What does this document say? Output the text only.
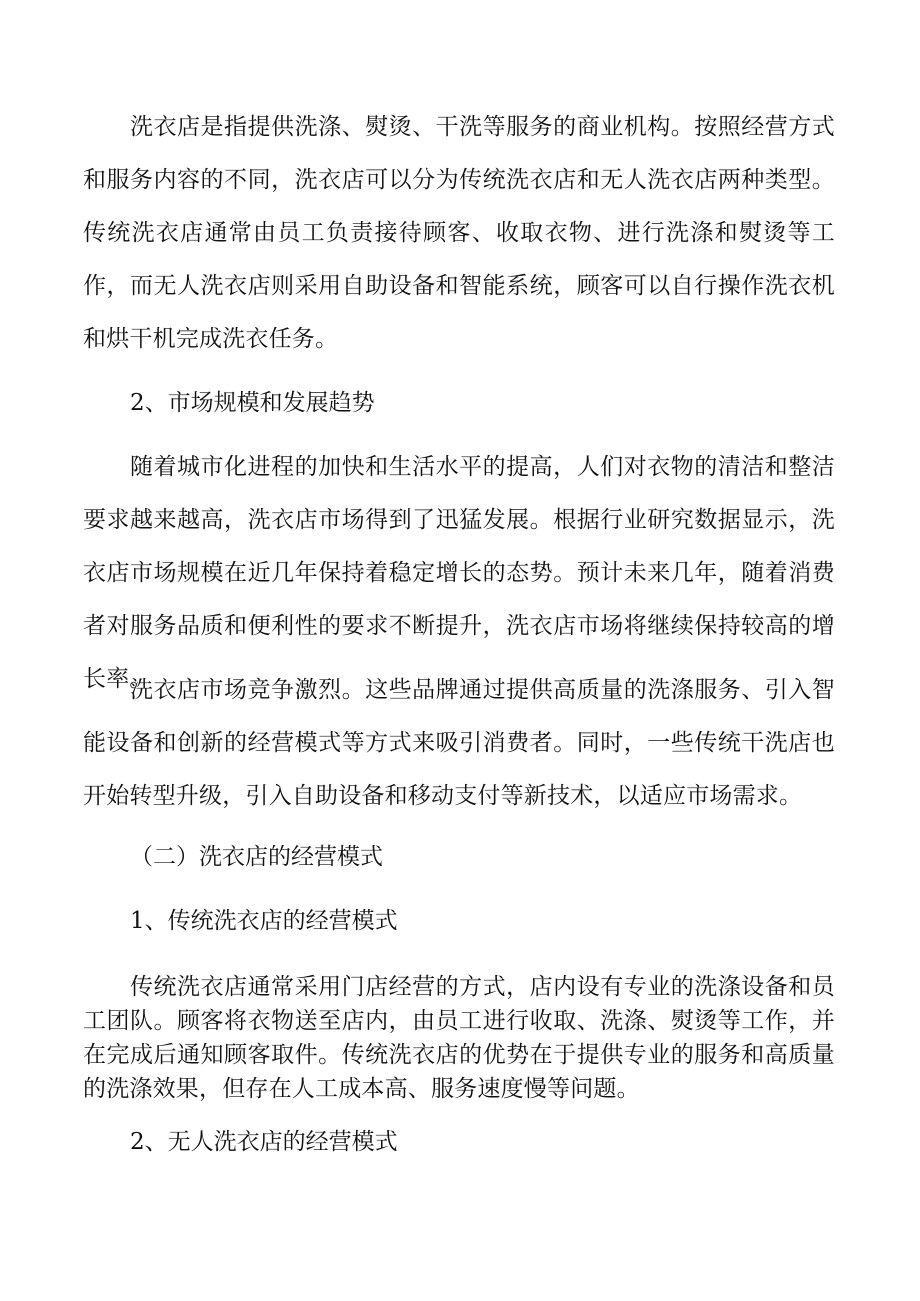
洗衣店是指提供洗涤、熨烫、干洗等服务的商业机构。按照经营方式和服务内容的不同，洗衣店可以分为传统洗衣店和无人洗衣店两种类型。传统洗衣店通常由员工负责接待顾客、收取衣物、进行洗涤和熨烫等工作，而无人洗衣店则采用自助设备和智能系统，顾客可以自行操作洗衣机和烘干机完成洗衣任务。

2、市场规模和发展趋势

随着城市化进程的加快和生活水平的提高，人们对衣物的清洁和整洁要求越来越高，洗衣店市场得到了迅猛发展。根据行业研究数据显示，洗衣店市场规模在近几年保持着稳定增长的态势。预计未来几年，随着消费者对服务品质和便利性的要求不断提升，洗衣店市场将继续保持较高的增长率。

洗衣店市场竞争激烈。这些品牌通过提供高质量的洗涤服务、引入智能设备和创新的经营模式等方式来吸引消费者。同时，一些传统干洗店也开始转型升级，引入自助设备和移动支付等新技术，以适应市场需求。

（二）洗衣店的经营模式

1、传统洗衣店的经营模式

传统洗衣店通常采用门店经营的方式，店内设有专业的洗涤设备和员工团队。顾客将衣物送至店内，由员工进行收取、洗涤、熨烫等工作，并在完成后通知顾客取件。传统洗衣店的优势在于提供专业的服务和高质量的洗涤效果，但存在人工成本高、服务速度慢等问题。

2、无人洗衣店的经营模式
